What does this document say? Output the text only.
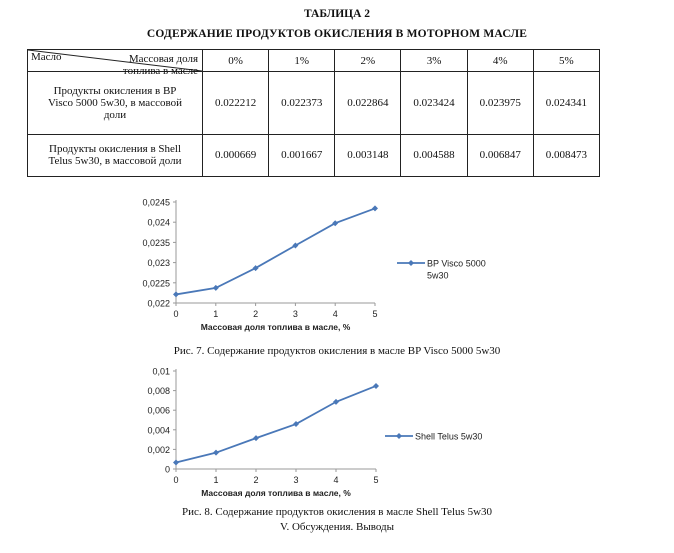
ТАБЛИЦА 2
СОДЕРЖАНИЕ ПРОДУКТОВ ОКИСЛЕНИЯ В МОТОРНОМ МАСЛЕ
Массовая доля
топлива в масле
Масло	0%	1%	2%	3%	4%	5%

Продукты окисления в BP
Visco 5000 5w30, в массовой
доли	0.022212	0.022373	0.022864	0.023424	0.023975	0.024341

Продукты окисления в Shell
Telus 5w30, в массовой доли	0.000669	0.001667	0.003148	0.004588	0.006847	0.008473
0,022
0,0225
0,023
0,0235
0,024
0,0245
0	1	2	3	4	5
Массовая доля топлива в масле, %
BP Visco 5000
5w30
Рис. 7. Содержание продуктов окисления в масле BP Visco 5000 5w30
0
0,002
0,004
0,006
0,008
0,01
0	1	2	3	4	5
Массовая доля топлива в масле, %
Shell Telus 5w30
Рис. 8. Содержание продуктов окисления в масле Shell Telus 5w30
V. Обсуждения. Выводы
